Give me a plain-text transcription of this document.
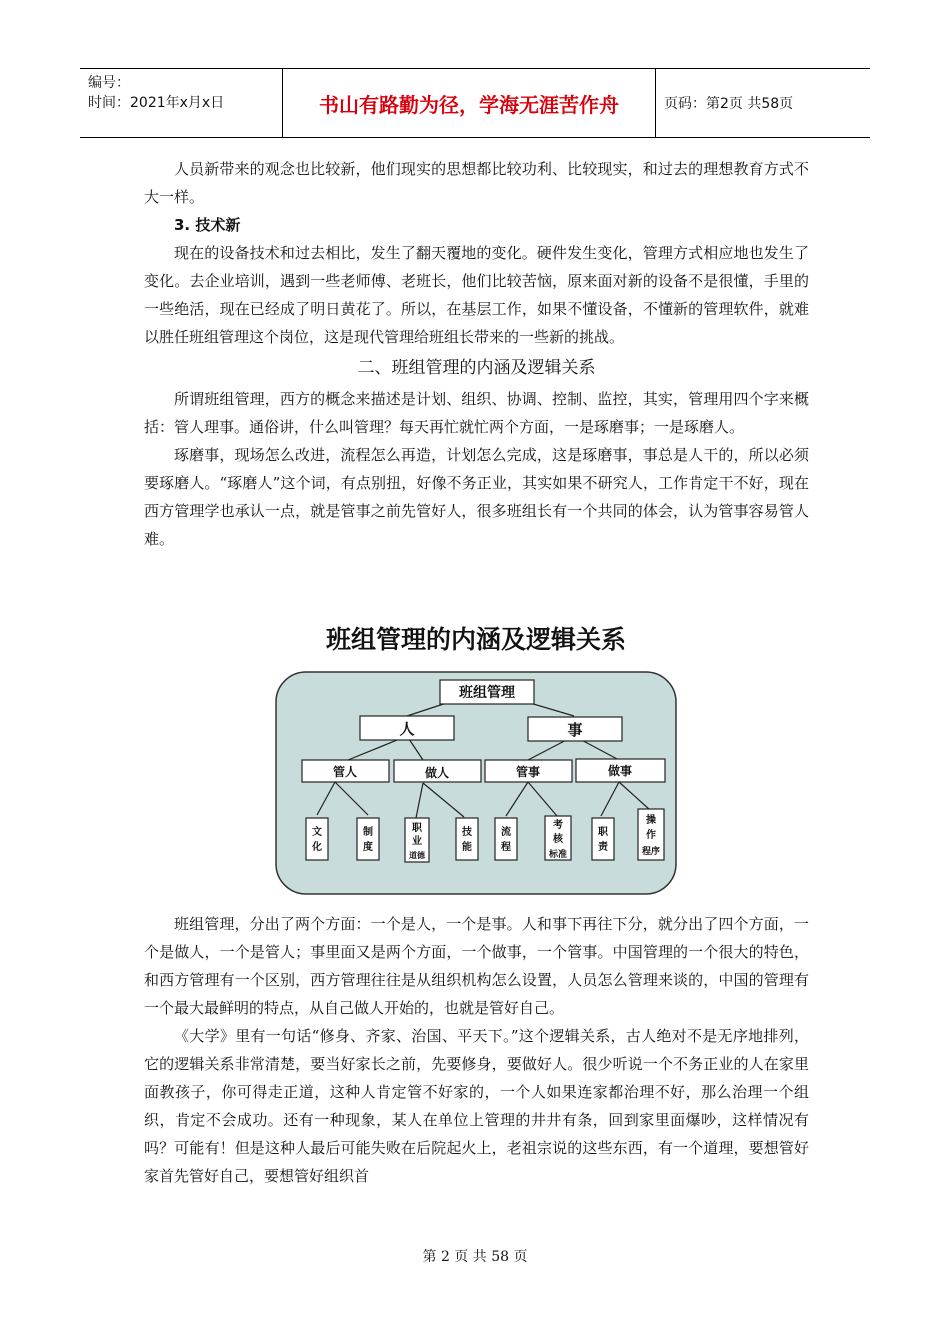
编号：
时间：2021年x月x日	书山有路勤为径，学海无涯苦作舟	页码：第2页 共58页

人员新带来的观念也比较新，他们现实的思想都比较功利、比较现实，和过去的理想教育方式不大一样。

3. 技术新

现在的设备技术和过去相比，发生了翻天覆地的变化。硬件发生变化，管理方式相应地也发生了变化。去企业培训，遇到一些老师傅、老班长，他们比较苦恼，原来面对新的设备不是很懂，手里的一些绝活，现在已经成了明日黄花了。所以，在基层工作，如果不懂设备，不懂新的管理软件，就难以胜任班组管理这个岗位，这是现代管理给班组长带来的一些新的挑战。

二、班组管理的内涵及逻辑关系

所谓班组管理，西方的概念来描述是计划、组织、协调、控制、监控，其实，管理用四个字来概括：管人理事。通俗讲，什么叫管理？每天再忙就忙两个方面，一是琢磨事；一是琢磨人。

琢磨事，现场怎么改进，流程怎么再造，计划怎么完成，这是琢磨事，事总是人干的，所以必须要琢磨人。“琢磨人”这个词，有点别扭，好像不务正业，其实如果不研究人，工作肯定干不好，现在西方管理学也承认一点，就是管事之前先管好人，很多班组长有一个共同的体会，认为管事容易管人难。

班组管理的内涵及逻辑关系
班组管理
人	事
管人	做人	管事	做事
文化
制度
职业道德
技能
流程
考核标准
职责
操作程序

班组管理，分出了两个方面：一个是人，一个是事。人和事下再往下分，就分出了四个方面，一个是做人，一个是管人；事里面又是两个方面，一个做事，一个管事。中国管理的一个很大的特色，和西方管理有一个区别，西方管理往往是从组织机构怎么设置，人员怎么管理来谈的，中国的管理有一个最大最鲜明的特点，从自己做人开始的，也就是管好自己。

《大学》里有一句话“修身、齐家、治国、平天下。”这个逻辑关系，古人绝对不是无序地排列，它的逻辑关系非常清楚，要当好家长之前，先要修身，要做好人。很少听说一个不务正业的人在家里面教孩子，你可得走正道，这种人肯定管不好家的，一个人如果连家都治理不好，那么治理一个组织，肯定不会成功。还有一种现象，某人在单位上管理的井井有条，回到家里面爆吵，这样情况有吗？可能有！但是这种人最后可能失败在后院起火上，老祖宗说的这些东西，有一个道理，要想管好家首先管好自己，要想管好组织首

第 2 页 共 58 页
